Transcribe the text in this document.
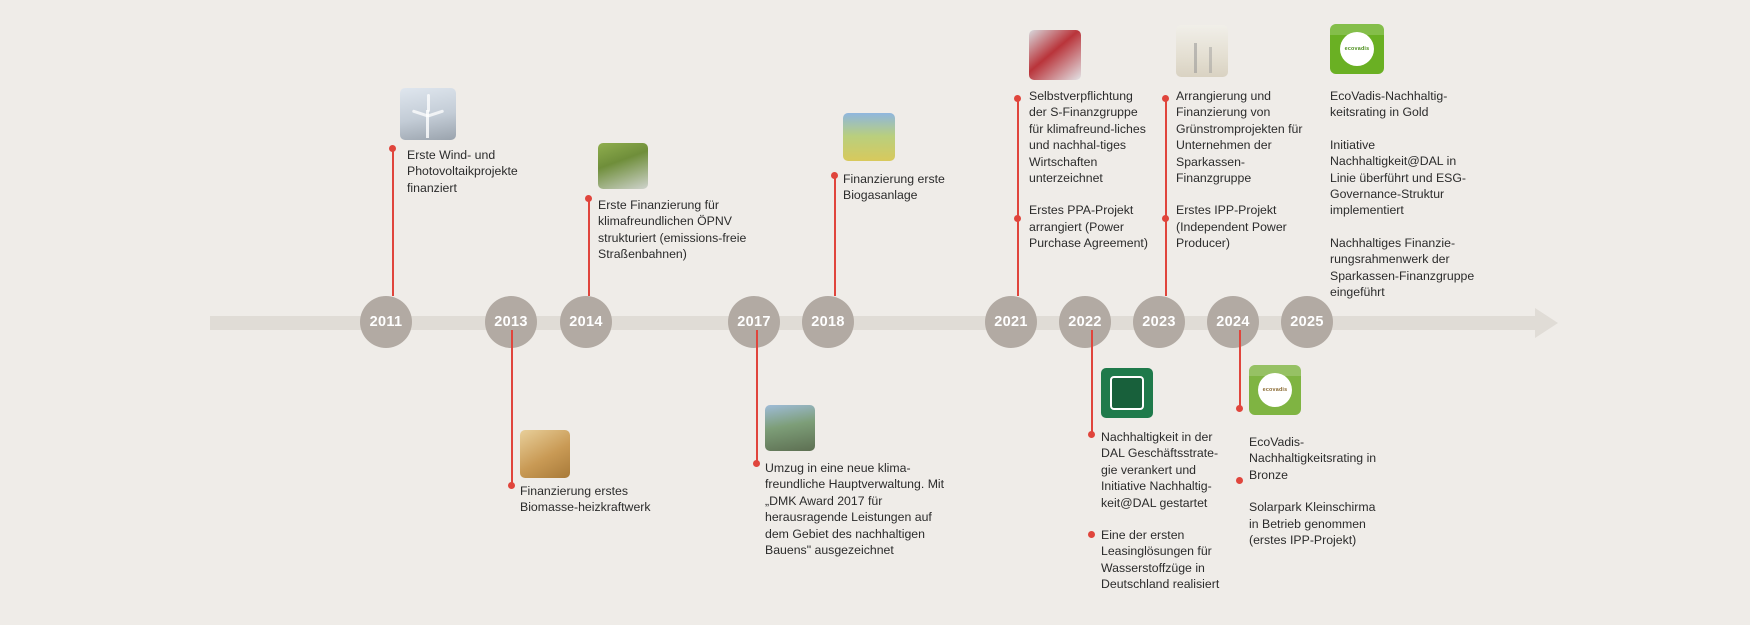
2011	2013	2014	2017	2018	2021	2022	2023	2024	2025

Erste Wind- und Photovoltaikprojekte finanziert

Finanzierung erstes Biomasse-heizkraftwerk

Erste Finanzierung für klimafreundlichen ÖPNV strukturiert (emissions-freie Straßenbahnen)

Umzug in eine neue klima-freundliche Hauptverwaltung. Mit „DMK Award 2017 für herausragende Leistungen auf dem Gebiet des nachhaltigen Bauens" ausgezeichnet

Finanzierung erste Biogasanlage

Selbstverpflichtung der S-Finanzgruppe für klimafreund-liches und nachhal-tiges Wirtschaften unterzeichnet

Erstes PPA-Projekt arrangiert (Power Purchase Agreement)

Nachhaltigkeit in der DAL Geschäftsstrate-gie verankert und Initiative Nachhaltig-keit@DAL gestartet

Eine der ersten Leasinglösungen für Wasserstoffzüge in Deutschland realisiert

Arrangierung und Finanzierung von Grünstromprojekten für Unternehmen der Sparkassen-Finanzgruppe

Erstes IPP-Projekt (Independent Power Producer)

ecovadis

EcoVadis-Nachhaltigkeitsrating in Bronze

Solarpark Kleinschirma in Betrieb genommen (erstes IPP-Projekt)

ecovadis

EcoVadis-Nachhaltig-keitsrating in Gold

Initiative Nachhaltigkeit@DAL in Linie überführt und ESG-Governance-Struktur implementiert

Nachhaltiges Finanzie-rungsrahmenwerk der Sparkassen-Finanzgruppe eingeführt
